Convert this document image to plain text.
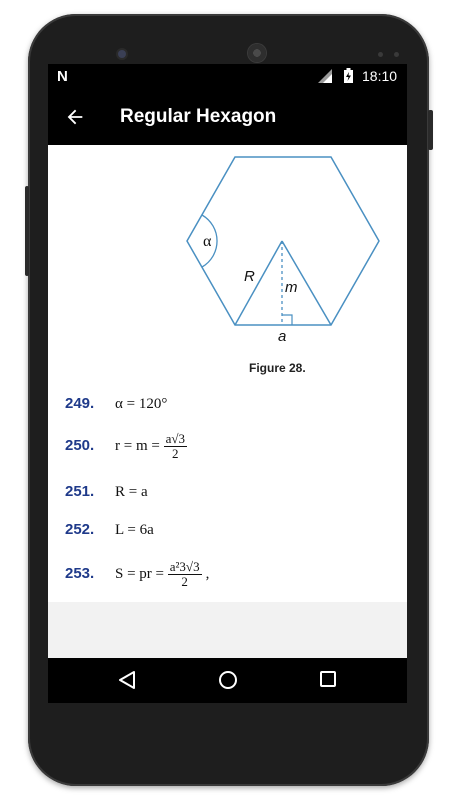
N	18:10
Regular Hexagon
α
R
m
a
Figure 28.
249. α = 120°
250. $r = m = \frac{a√3}{2}$
251. R = a
252. L = 6a
253. S = pr = $\frac{\text{a²3√3}}{2}$ ,
